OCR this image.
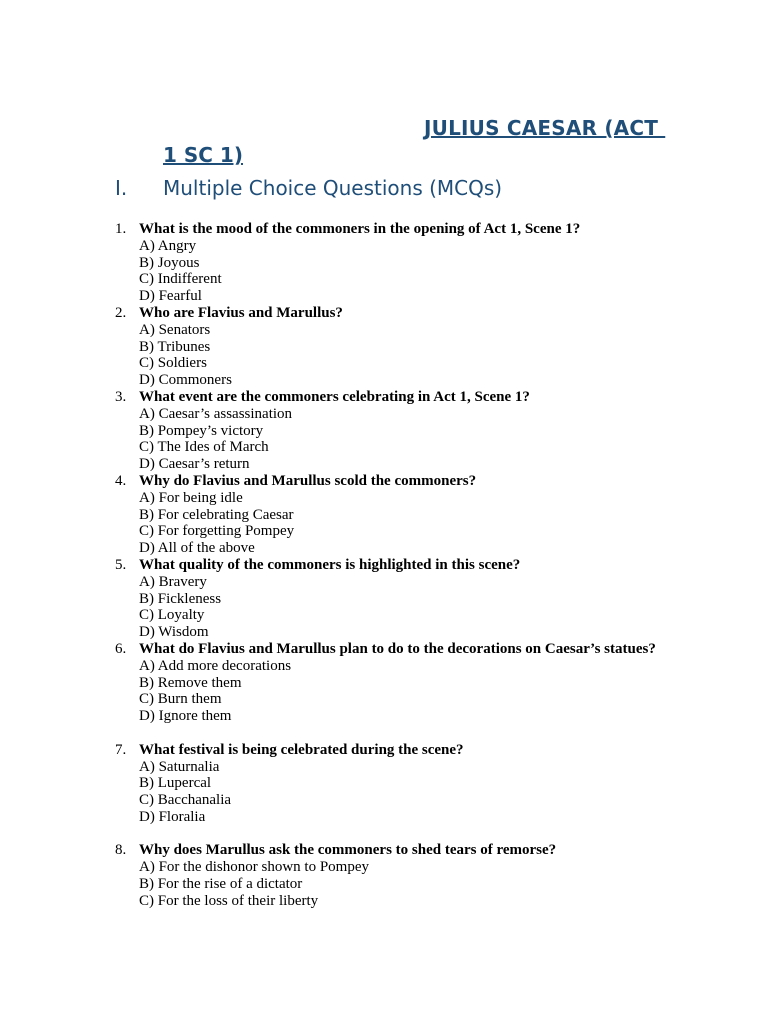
JULIUS CAESAR (ACT
1 SC 1)
I. Multiple Choice Questions (MCQs)
1. What is the mood of the commoners in the opening of Act 1, Scene 1?
A) Angry
B) Joyous
C) Indifferent
D) Fearful
2. Who are Flavius and Marullus?
A) Senators
B) Tribunes
C) Soldiers
D) Commoners
3. What event are the commoners celebrating in Act 1, Scene 1?
A) Caesar’s assassination
B) Pompey’s victory
C) The Ides of March
D) Caesar’s return
4. Why do Flavius and Marullus scold the commoners?
A) For being idle
B) For celebrating Caesar
C) For forgetting Pompey
D) All of the above
5. What quality of the commoners is highlighted in this scene?
A) Bravery
B) Fickleness
C) Loyalty
D) Wisdom
6. What do Flavius and Marullus plan to do to the decorations on Caesar’s statues?
A) Add more decorations
B) Remove them
C) Burn them
D) Ignore them
7. What festival is being celebrated during the scene?
A) Saturnalia
B) Lupercal
C) Bacchanalia
D) Floralia
8. Why does Marullus ask the commoners to shed tears of remorse?
A) For the dishonor shown to Pompey
B) For the rise of a dictator
C) For the loss of their liberty
